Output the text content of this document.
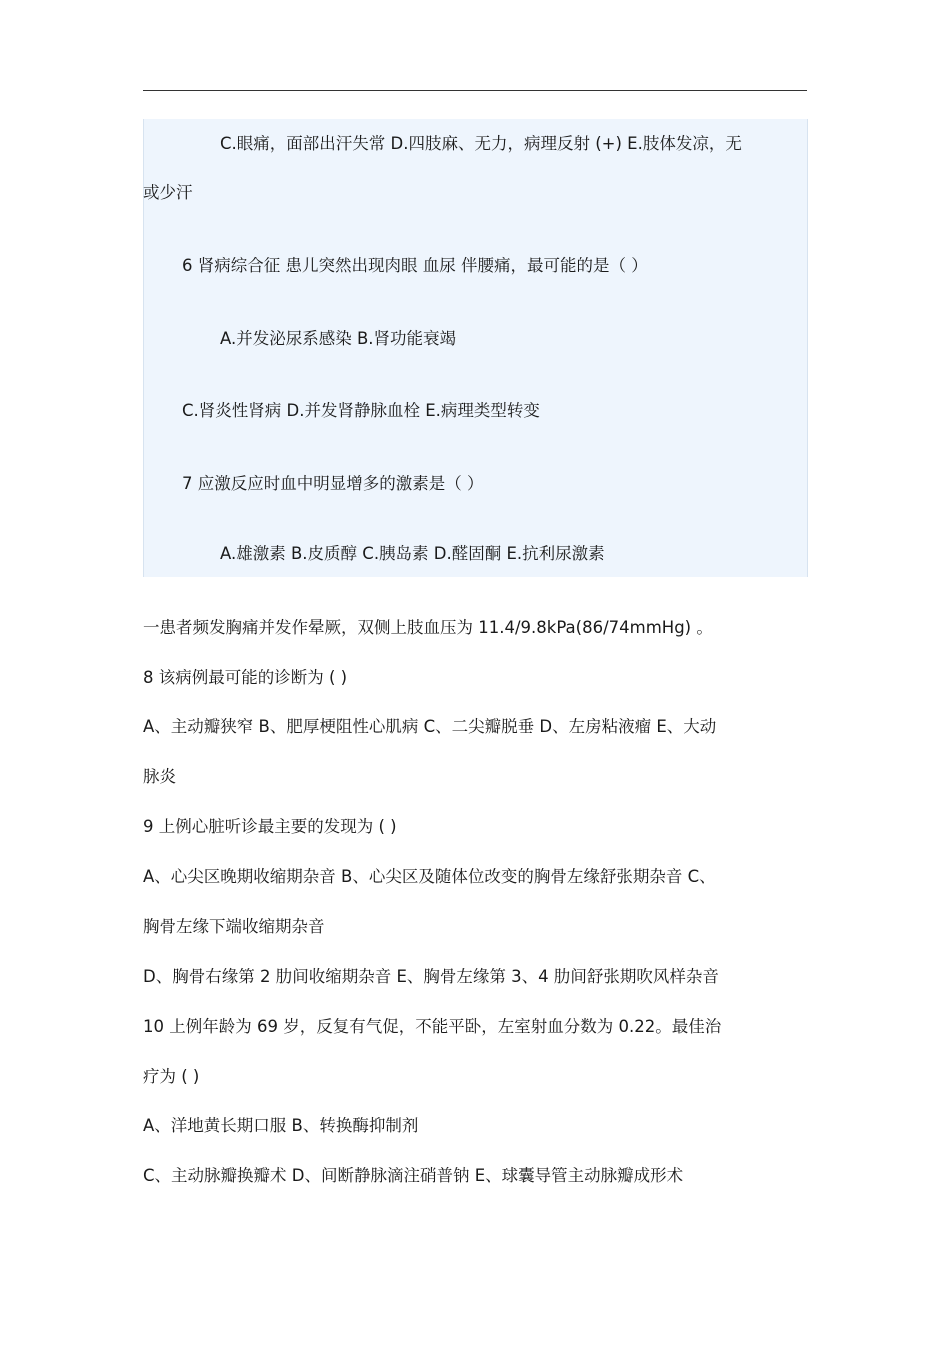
C.眼痛，面部出汗失常 D.四肢麻、无力，病理反射 (+) E.肢体发凉，无
或少汗
6 肾病综合征 患儿突然出现肉眼 血尿 伴腰痛，最可能的是（ ）
A.并发泌尿系感染 B.肾功能衰竭
C.肾炎性肾病 D.并发肾静脉血栓 E.病理类型转变
7 应激反应时血中明显增多的激素是（ ）
A.雄激素 B.皮质醇 C.胰岛素 D.醛固酮 E.抗利尿激素
一患者频发胸痛并发作晕厥，双侧上肢血压为 11.4/9.8kPa(86/74mmHg) 。
8 该病例最可能的诊断为 ( )
A、主动瓣狭窄 B、肥厚梗阻性心肌病 C、二尖瓣脱垂 D、左房粘液瘤 E、大动
脉炎
9 上例心脏听诊最主要的发现为 ( )
A、心尖区晚期收缩期杂音 B、心尖区及随体位改变的胸骨左缘舒张期杂音 C、
胸骨左缘下端收缩期杂音
D、胸骨右缘第 2 肋间收缩期杂音 E、胸骨左缘第 3、4 肋间舒张期吹风样杂音
10 上例年龄为 69 岁，反复有气促，不能平卧，左室射血分数为 0.22。最佳治
疗为 ( )
A、洋地黄长期口服 B、转换酶抑制剂
C、主动脉瓣换瓣术 D、间断静脉滴注硝普钠 E、球囊导管主动脉瓣成形术
